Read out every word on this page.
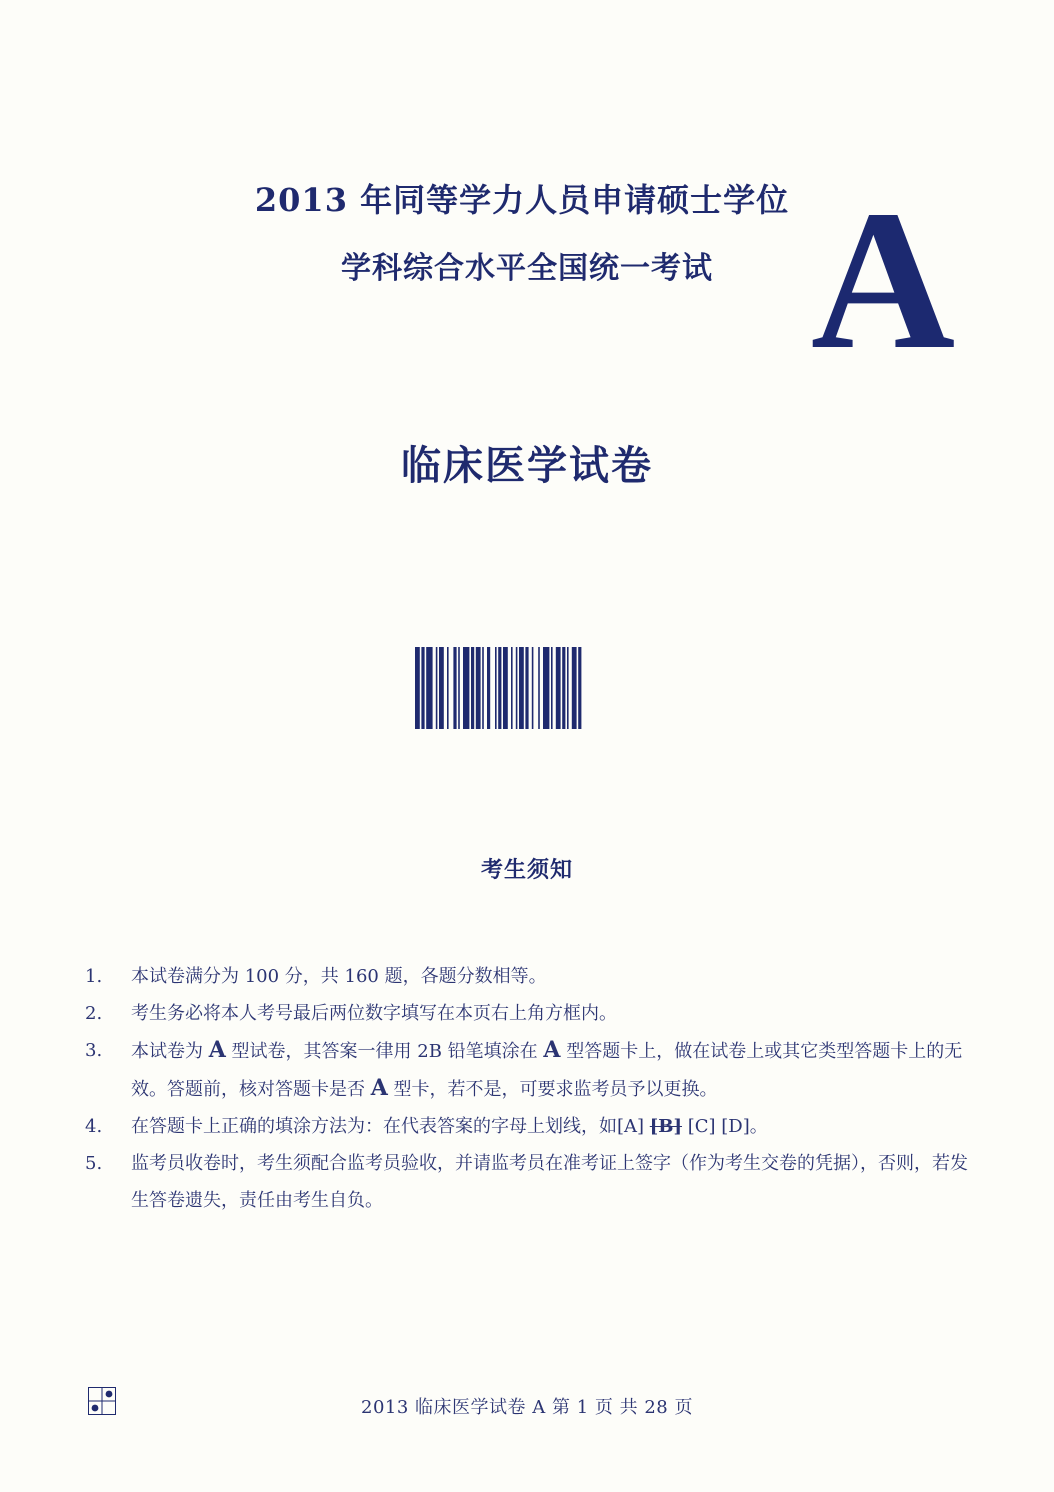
2013 年同等学力人员申请硕士学位
学科综合水平全国统一考试 A
临床医学试卷
考生须知
1.	本试卷满分为 100 分，共 160 题，各题分数相等。
2.	考生务必将本人考号最后两位数字填写在本页右上角方框内。
3.	本试卷为 A 型试卷，其答案一律用 2B 铅笔填涂在 A 型答题卡上，做在试卷上或其它类型答题卡上的无效。答题前，核对答题卡是否 A 型卡，若不是，可要求监考员予以更换。
4.	在答题卡上正确的填涂方法为：在代表答案的字母上划线，如[A] [B] [C] [D]。
5.	监考员收卷时，考生须配合监考员验收，并请监考员在准考证上签字（作为考生交卷的凭据），否则，若发生答卷遗失，责任由考生自负。
2013 临床医学试卷 A 第 1 页 共 28 页
